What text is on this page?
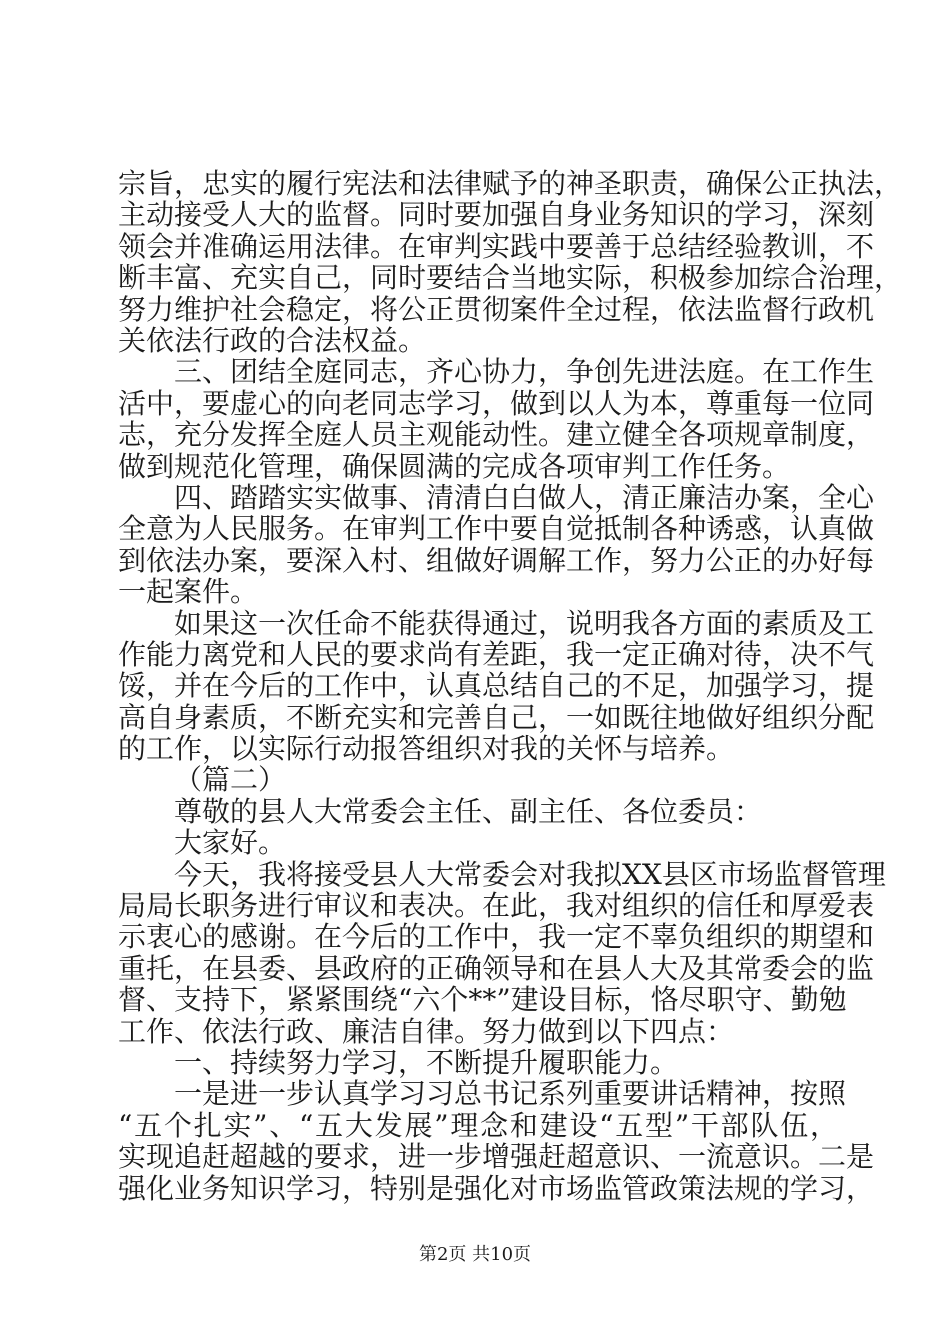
宗旨，忠实的履行宪法和法律赋予的神圣职责，确保公正执法，
主动接受人大的监督。同时要加强自身业务知识的学习，深刻
领会并准确运用法律。在审判实践中要善于总结经验教训，不
断丰富、充实自己，同时要结合当地实际，积极参加综合治理，
努力维护社会稳定，将公正贯彻案件全过程，依法监督行政机
关依法行政的合法权益。
三、团结全庭同志，齐心协力，争创先进法庭。在工作生
活中，要虚心的向老同志学习，做到以人为本，尊重每一位同
志，充分发挥全庭人员主观能动性。建立健全各项规章制度，
做到规范化管理，确保圆满的完成各项审判工作任务。
四、踏踏实实做事、清清白白做人，清正廉洁办案，全心
全意为人民服务。在审判工作中要自觉抵制各种诱惑，认真做
到依法办案，要深入村、组做好调解工作，努力公正的办好每
一起案件。
如果这一次任命不能获得通过，说明我各方面的素质及工
作能力离党和人民的要求尚有差距，我一定正确对待，决不气
馁，并在今后的工作中，认真总结自己的不足，加强学习，提
高自身素质，不断充实和完善自己，一如既往地做好组织分配
的工作，以实际行动报答组织对我的关怀与培养。
（篇二）
尊敬的县人大常委会主任、副主任、各位委员：
大家好。
今天，我将接受县人大常委会对我拟XX县区市场监督管理
局局长职务进行审议和表决。在此，我对组织的信任和厚爱表
示衷心的感谢。在今后的工作中，我一定不辜负组织的期望和
重托，在县委、县政府的正确领导和在县人大及其常委会的监
督、支持下，紧紧围绕“六个**”建设目标，恪尽职守、勤勉
工作、依法行政、廉洁自律。努力做到以下四点：
一、持续努力学习，不断提升履职能力。
一是进一步认真学习习总书记系列重要讲话精神，按照
“五个扎实”、“五大发展”理念和建设“五型”干部队伍，
实现追赶超越的要求，进一步增强赶超意识、一流意识。二是
强化业务知识学习，特别是强化对市场监管政策法规的学习，
第2页 共10页
